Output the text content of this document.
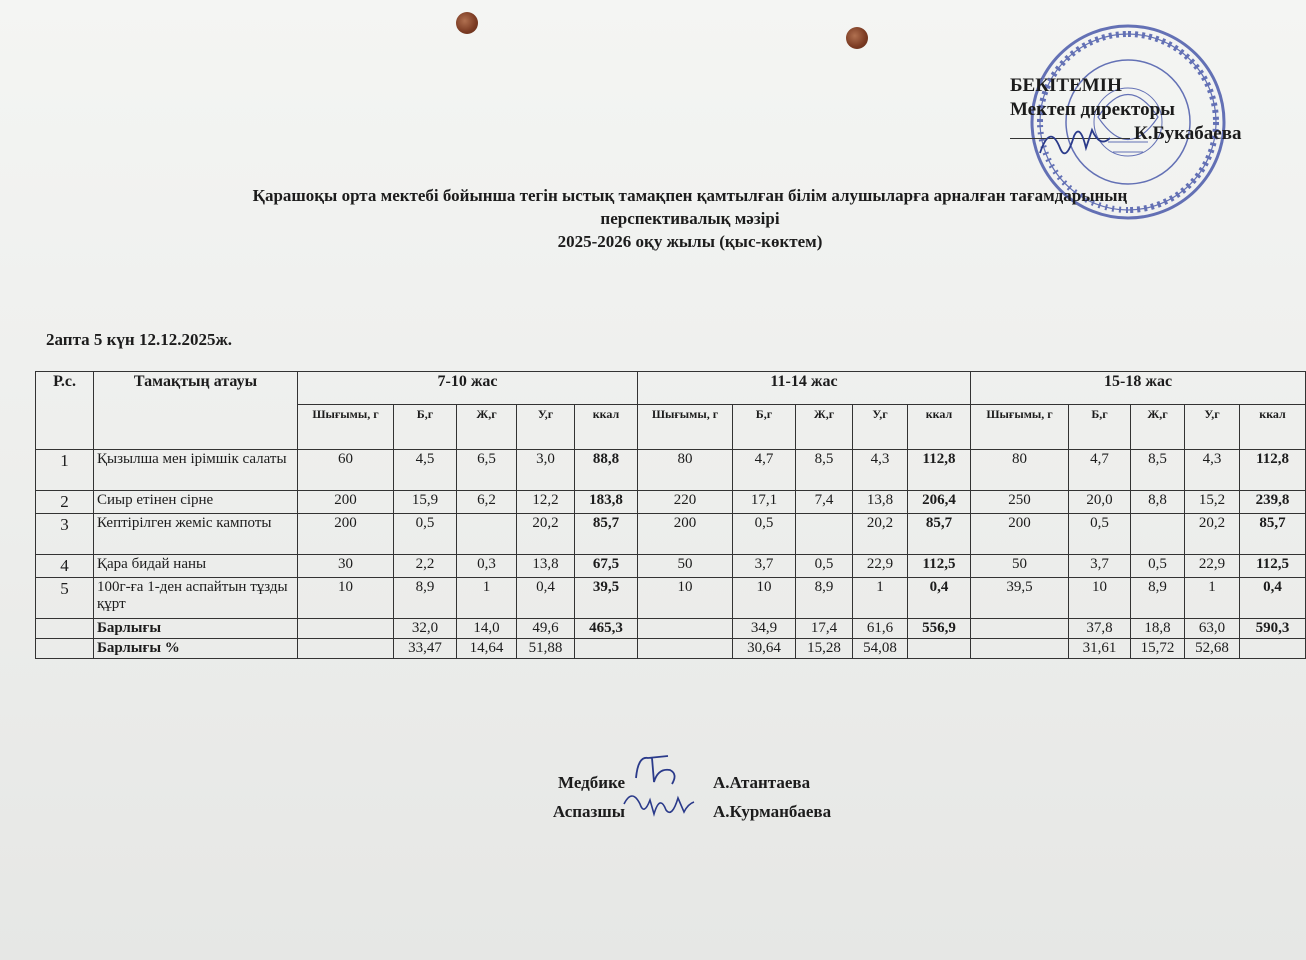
БЕКІТЕМІН
Мектеп директоры
К.Букабаева
Қарашоқы орта мектебі бойынша тегін ыстық тамақпен қамтылған білім алушыларға арналған тағамдарының
перспективалық мәзірі
2025-2026 оқу жылы (қыс-көктем)
2апта 5 күн 12.12.2025ж.
Р.с.	Тамақтың атауы	7-10 жас					11-14 жас					15-18 жас				
		Шығымы, г	Б,г	Ж,г	У,г	ккал	Шығымы, г	Б,г	Ж,г	У,г	ккал	Шығымы, г	Б,г	Ж,г	У,г	ккал
1	Қызылша мен ірімшік салаты	60	4,5	6,5	3,0	88,8	80	4,7	8,5	4,3	112,8	80	4,7	8,5	4,3	112,8
2	Сиыр етінен сірне	200	15,9	6,2	12,2	183,8	220	17,1	7,4	13,8	206,4	250	20,0	8,8	15,2	239,8
3	Кептірілген жеміс кампоты	200	0,5		20,2	85,7	200	0,5		20,2	85,7	200	0,5		20,2	85,7
4	Қара бидай наны	30	2,2	0,3	13,8	67,5	50	3,7	0,5	22,9	112,5	50	3,7	0,5	22,9	112,5
5	100г-ға 1-ден аспайтын тұзды құрт	10	8,9	1	0,4	39,5	10	10	8,9	1	0,4	39,5	10	8,9	1	0,4
	Барлығы		32,0	14,0	49,6	465,3		34,9	17,4	61,6	556,9		37,8	18,8	63,0	590,3
	Барлығы %		33,47	14,64	51,88			30,64	15,28	54,08			31,61	15,72	52,68	
Медбике	А.Атантаева
Аспазшы	А.Курманбаева
